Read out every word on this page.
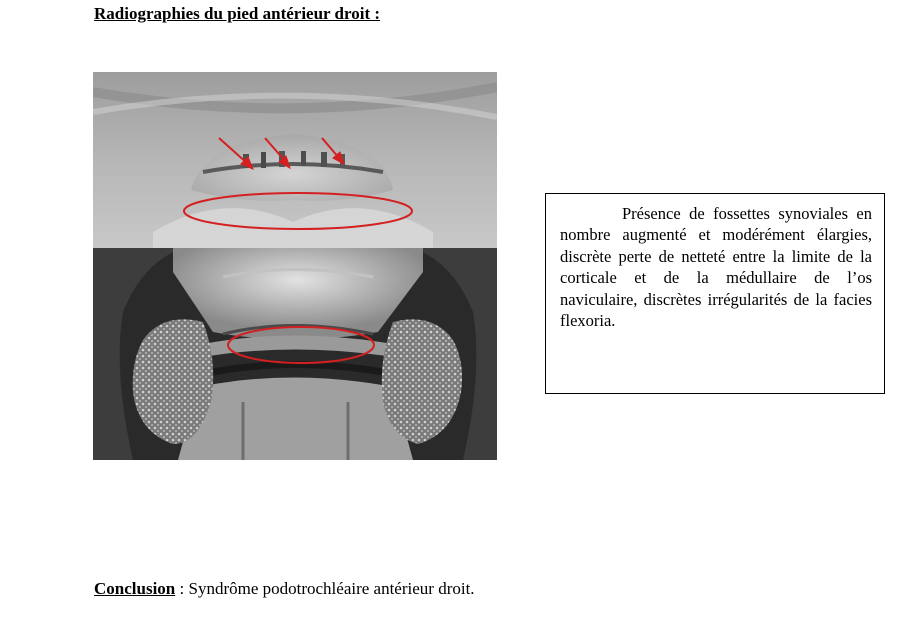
Radiographies du pied antérieur droit :
Présence de fossettes synoviales en nombre augmenté et modérément élargies, discrète perte de netteté entre la limite de la corticale et de la médullaire de l’os naviculaire, discrètes irrégularités de la facies flexoria.
Conclusion : Syndrôme podotrochléaire antérieur droit.
